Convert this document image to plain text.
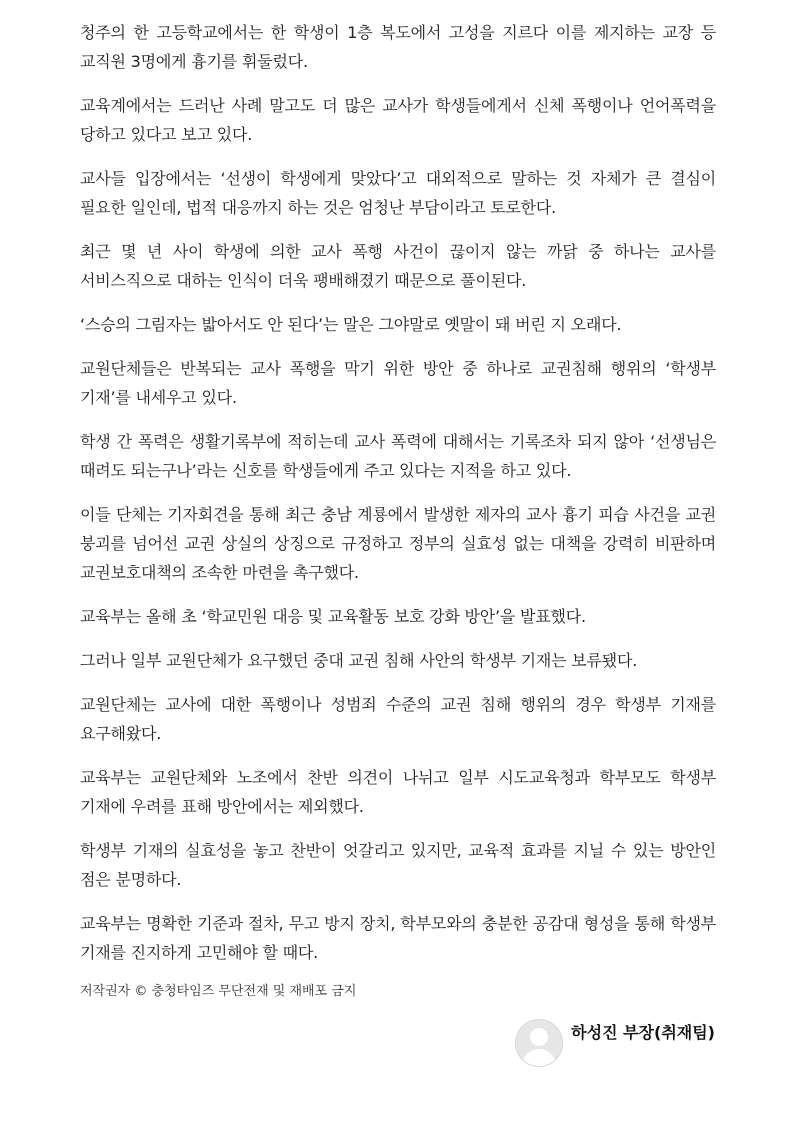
청주의 한 고등학교에서는 한 학생이 1층 복도에서 고성을 지르다 이를 제지하는 교장 등 교직원 3명에게 흉기를 휘둘렀다.

교육계에서는 드러난 사례 말고도 더 많은 교사가 학생들에게서 신체 폭행이나 언어폭력을 당하고 있다고 보고 있다.

교사들 입장에서는 ‘선생이 학생에게 맞았다’고 대외적으로 말하는 것 자체가 큰 결심이 필요한 일인데, 법적 대응까지 하는 것은 엄청난 부담이라고 토로한다.

최근 몇 년 사이 학생에 의한 교사 폭행 사건이 끊이지 않는 까닭 중 하나는 교사를 서비스직으로 대하는 인식이 더욱 팽배해졌기 때문으로 풀이된다.

‘스승의 그림자는 밟아서도 안 된다’는 말은 그야말로 옛말이 돼 버린 지 오래다.

교원단체들은 반복되는 교사 폭행을 막기 위한 방안 중 하나로 교권침해 행위의 ‘학생부 기재’를 내세우고 있다.

학생 간 폭력은 생활기록부에 적히는데 교사 폭력에 대해서는 기록조차 되지 않아 ‘선생님은 때려도 되는구나’라는 신호를 학생들에게 주고 있다는 지적을 하고 있다.

이들 단체는 기자회견을 통해 최근 충남 계룡에서 발생한 제자의 교사 흉기 피습 사건을 교권 붕괴를 넘어선 교권 상실의 상징으로 규정하고 정부의 실효성 없는 대책을 강력히 비판하며 교권보호대책의 조속한 마련을 촉구했다.

교육부는 올해 초 ‘학교민원 대응 및 교육활동 보호 강화 방안’을 발표했다.

그러나 일부 교원단체가 요구했던 중대 교권 침해 사안의 학생부 기재는 보류됐다.

교원단체는 교사에 대한 폭행이나 성범죄 수준의 교권 침해 행위의 경우 학생부 기재를 요구해왔다.

교육부는 교원단체와 노조에서 찬반 의견이 나뉘고 일부 시도교육청과 학부모도 학생부 기재에 우려를 표해 방안에서는 제외했다.

학생부 기재의 실효성을 놓고 찬반이 엇갈리고 있지만, 교육적 효과를 지닐 수 있는 방안인 점은 분명하다.

교육부는 명확한 기준과 절차, 무고 방지 장치, 학부모와의 충분한 공감대 형성을 통해 학생부 기재를 진지하게 고민해야 할 때다.

저작권자 © 충청타임즈 무단전재 및 재배포 금지

하성진 부장(취재팀)
